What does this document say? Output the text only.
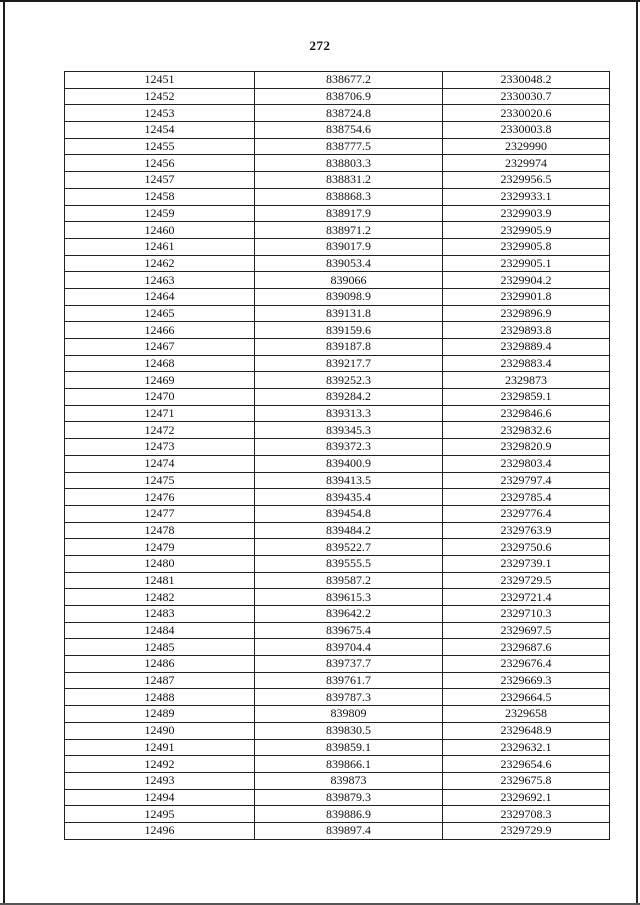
272
12451	838677.2	2330048.2
12452	838706.9	2330030.7
12453	838724.8	2330020.6
12454	838754.6	2330003.8
12455	838777.5	2329990
12456	838803.3	2329974
12457	838831.2	2329956.5
12458	838868.3	2329933.1
12459	838917.9	2329903.9
12460	838971.2	2329905.9
12461	839017.9	2329905.8
12462	839053.4	2329905.1
12463	839066	2329904.2
12464	839098.9	2329901.8
12465	839131.8	2329896.9
12466	839159.6	2329893.8
12467	839187.8	2329889.4
12468	839217.7	2329883.4
12469	839252.3	2329873
12470	839284.2	2329859.1
12471	839313.3	2329846.6
12472	839345.3	2329832.6
12473	839372.3	2329820.9
12474	839400.9	2329803.4
12475	839413.5	2329797.4
12476	839435.4	2329785.4
12477	839454.8	2329776.4
12478	839484.2	2329763.9
12479	839522.7	2329750.6
12480	839555.5	2329739.1
12481	839587.2	2329729.5
12482	839615.3	2329721.4
12483	839642.2	2329710.3
12484	839675.4	2329697.5
12485	839704.4	2329687.6
12486	839737.7	2329676.4
12487	839761.7	2329669.3
12488	839787.3	2329664.5
12489	839809	2329658
12490	839830.5	2329648.9
12491	839859.1	2329632.1
12492	839866.1	2329654.6
12493	839873	2329675.8
12494	839879.3	2329692.1
12495	839886.9	2329708.3
12496	839897.4	2329729.9
